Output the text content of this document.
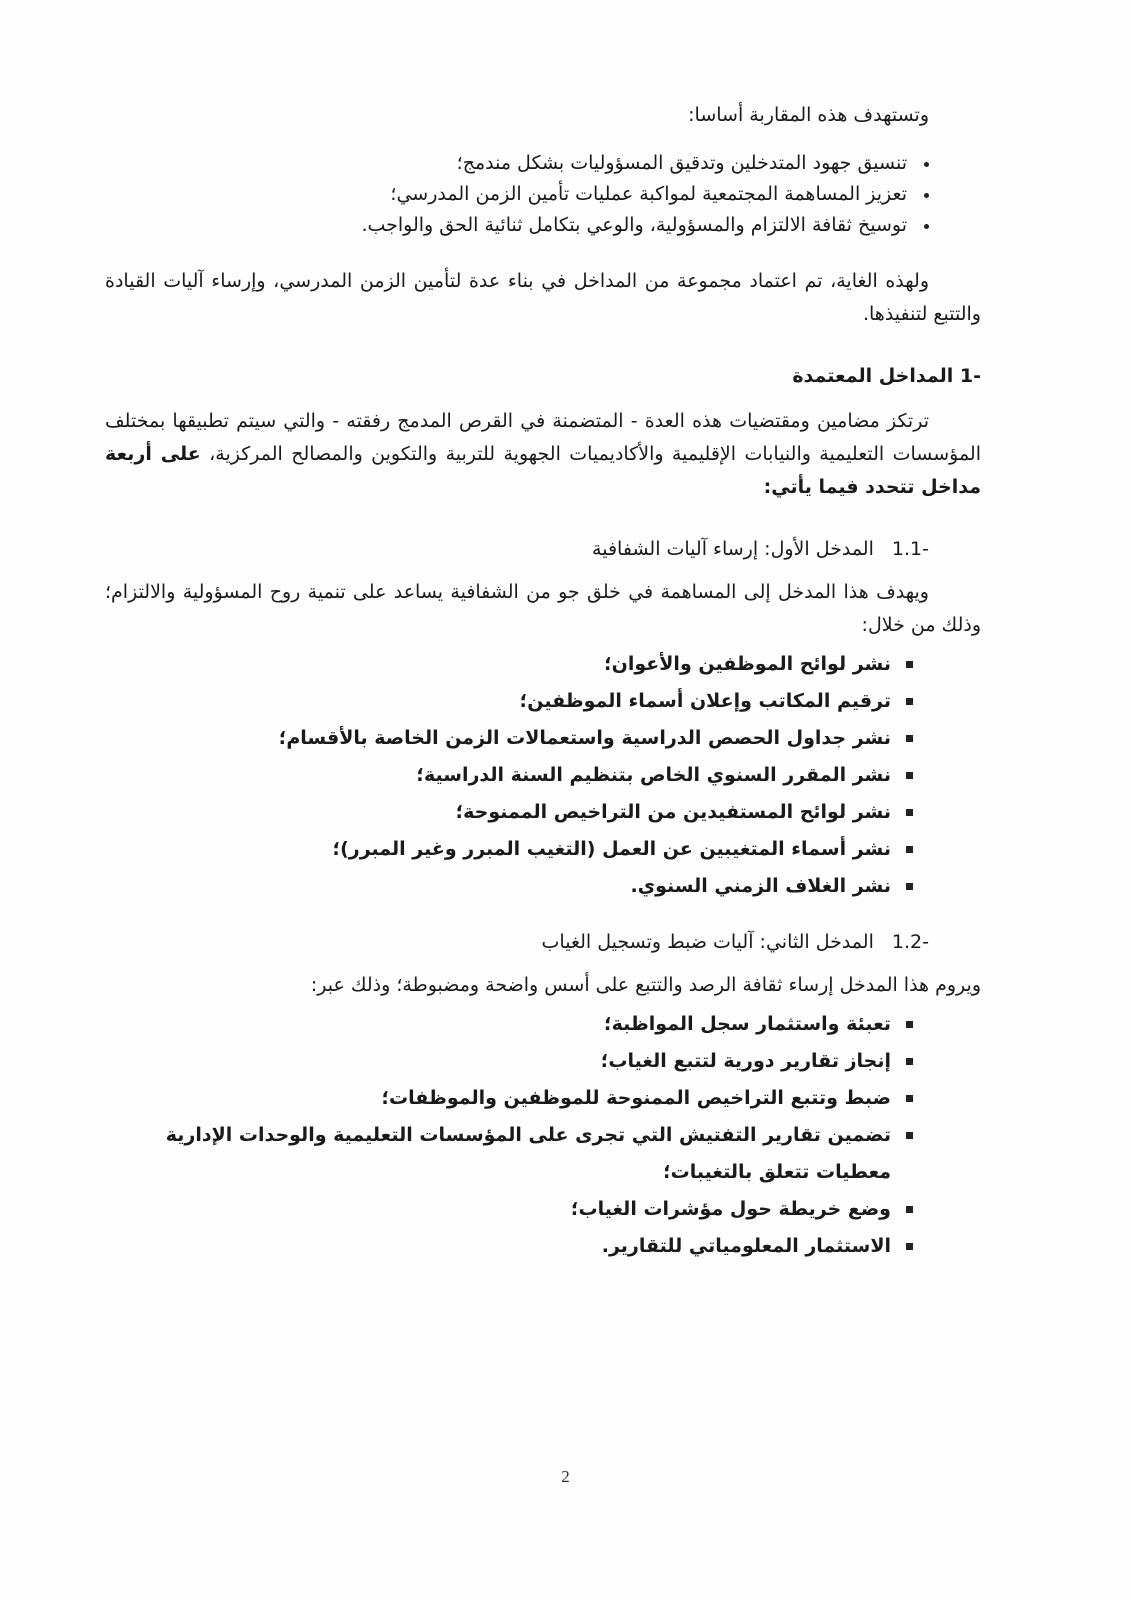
وتستهدف هذه المقاربة أساسا:

تنسيق جهود المتدخلين وتدقيق المسؤوليات بشكل مندمج؛
تعزيز المساهمة المجتمعية لمواكبة عمليات تأمين الزمن المدرسي؛
توسيخ ثقافة الالتزام والمسؤولية، والوعي بتكامل ثنائية الحق والواجب.

ولهذه الغاية، تم اعتماد مجموعة من المداخل في بناء عدة لتأمين الزمن المدرسي، وإرساء آليات القيادة والتتبع لتنفيذها.

-1 المداخل المعتمدة

ترتكز مضامين ومقتضيات هذه العدة - المتضمنة في القرص المدمج رفقته - والتي سيتم تطبيقها بمختلف المؤسسات التعليمية والنيابات الإقليمية والأكاديميات الجهوية للتربية والتكوين والمصالح المركزية، على أربعة مداخل تتحدد فيما يأتي:

-1.1 المدخل الأول: إرساء آليات الشفافية

ويهدف هذا المدخل إلى المساهمة في خلق جو من الشفافية يساعد على تنمية روح المسؤولية والالتزام؛ وذلك من خلال:

نشر لوائح الموظفين والأعوان؛
ترقيم المكاتب وإعلان أسماء الموظفين؛
نشر جداول الحصص الدراسية واستعمالات الزمن الخاصة بالأقسام؛
نشر المقرر السنوي الخاص بتنظيم السنة الدراسية؛
نشر لوائح المستفيدين من التراخيص الممنوحة؛
نشر أسماء المتغيبين عن العمل (التغيب المبرر وغير المبرر)؛
نشر الغلاف الزمني السنوي.
-1.2 المدخل الثاني: آليات ضبط وتسجيل الغياب

ويروم هذا المدخل إرساء ثقافة الرصد والتتبع على أسس واضحة ومضبوطة؛ وذلك عبر:

تعبئة واستثمار سجل المواظبة؛
إنجاز تقارير دورية لتتبع الغياب؛
ضبط وتتبع التراخيص الممنوحة للموظفين والموظفات؛
تضمين تقارير التفتيش التي تجرى على المؤسسات التعليمية والوحدات الإدارية معطيات تتعلق بالتغيبات؛
وضع خريطة حول مؤشرات الغياب؛
الاستثمار المعلومياتي للتقارير.
2
